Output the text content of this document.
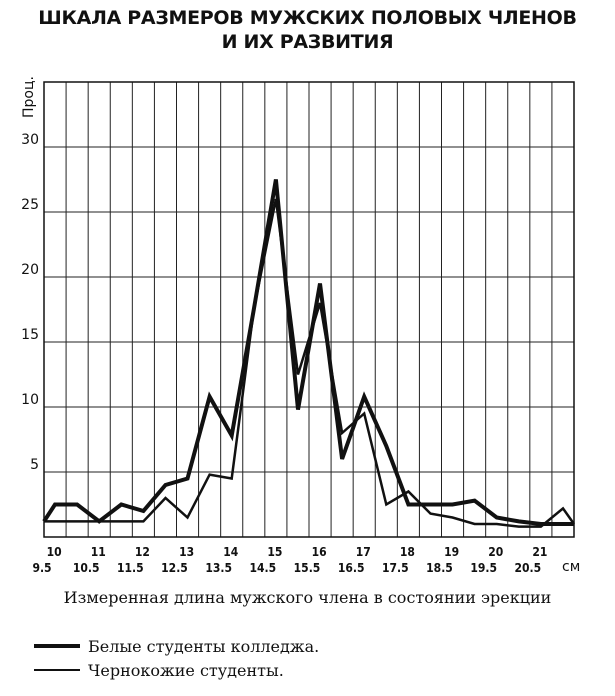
ШКАЛА РАЗМЕРОВ МУЖСКИХ ПОЛОВЫХ ЧЛЕНОВ
И ИХ РАЗВИТИЯ
5
10
15
20
25
30
9.5
10
10.5
11
11.5
12
12.5
13
13.5
14
14.5
15
15.5
16
16.5
17
17.5
18
18.5
19
19.5
20
20.5
21
Проц.
см
Измеренная длина мужского члена в состоянии эрекции
Белые студенты колледжа.
Чернокожие студенты.
